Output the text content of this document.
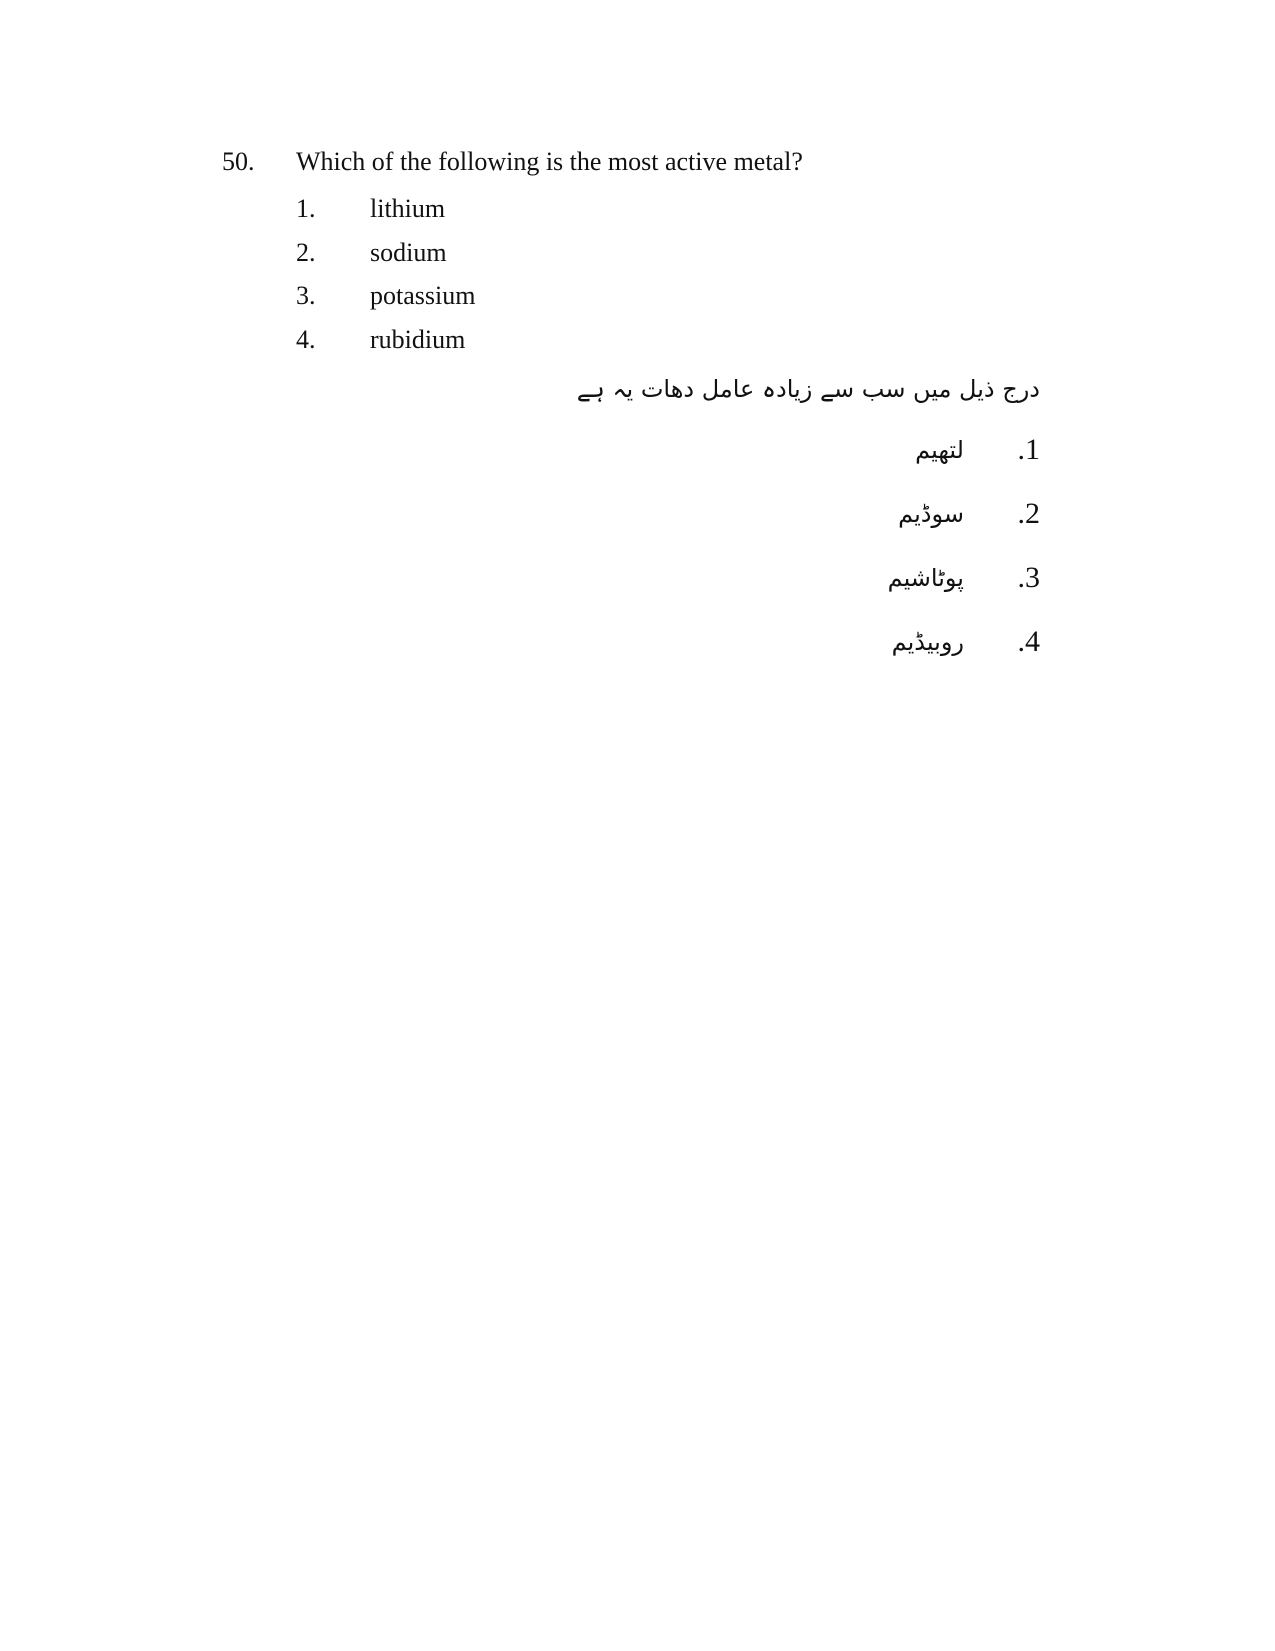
50. Which of the following is the most active metal?
1. lithium
2. sodium
3. potassium
4. rubidium

درج ذیل میں سب سے زیادہ عامل دھات یہ ہے

.1
لتھیم
.2
سوڈیم
.3
پوٹاشیم
.4
روبیڈیم
